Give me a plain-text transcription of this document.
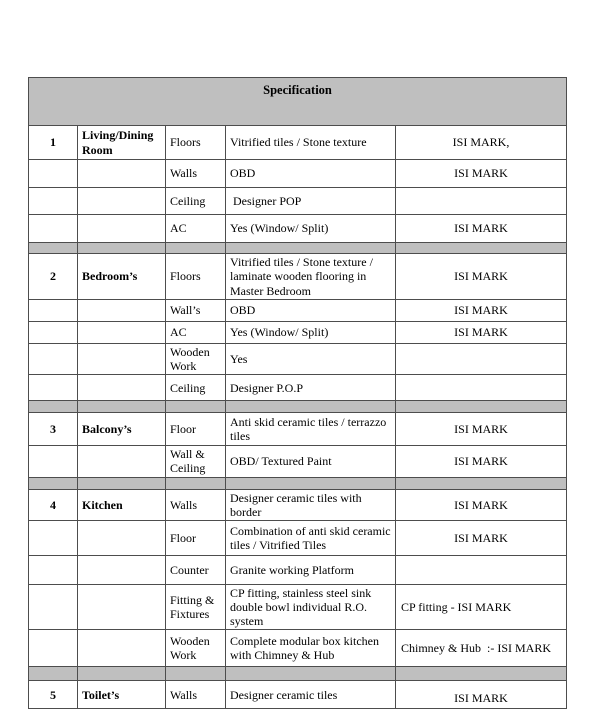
Specification				
1	Living/Dining Room	Floors	Vitrified tiles / Stone texture	ISI MARK,
		Walls	OBD	ISI MARK
		Ceiling	Designer POP	
		AC	Yes (Window/ Split)	ISI MARK

2	Bedroom’s	Floors	Vitrified tiles / Stone texture / laminate wooden flooring in Master Bedroom	ISI MARK
		Wall’s	OBD	ISI MARK
		AC	Yes (Window/ Split)	ISI MARK
		Wooden Work	Yes	
		Ceiling	Designer P.O.P	

3	Balcony’s	Floor	Anti skid ceramic tiles / terrazzo tiles	ISI MARK
		Wall & Ceiling	OBD/ Textured Paint	ISI MARK

4	Kitchen	Walls	Designer ceramic tiles with border	ISI MARK
		Floor	Combination of anti skid ceramic tiles / Vitrified Tiles	ISI MARK
		Counter	Granite working Platform	
		Fitting & Fixtures	CP fitting, stainless steel sink double bowl individual R.O. system	CP fitting - ISI MARK
		Wooden Work	Complete modular box kitchen with Chimney & Hub	Chimney & Hub  :- ISI MARK

5	Toilet’s	Walls	Designer ceramic tiles	ISI MARK
